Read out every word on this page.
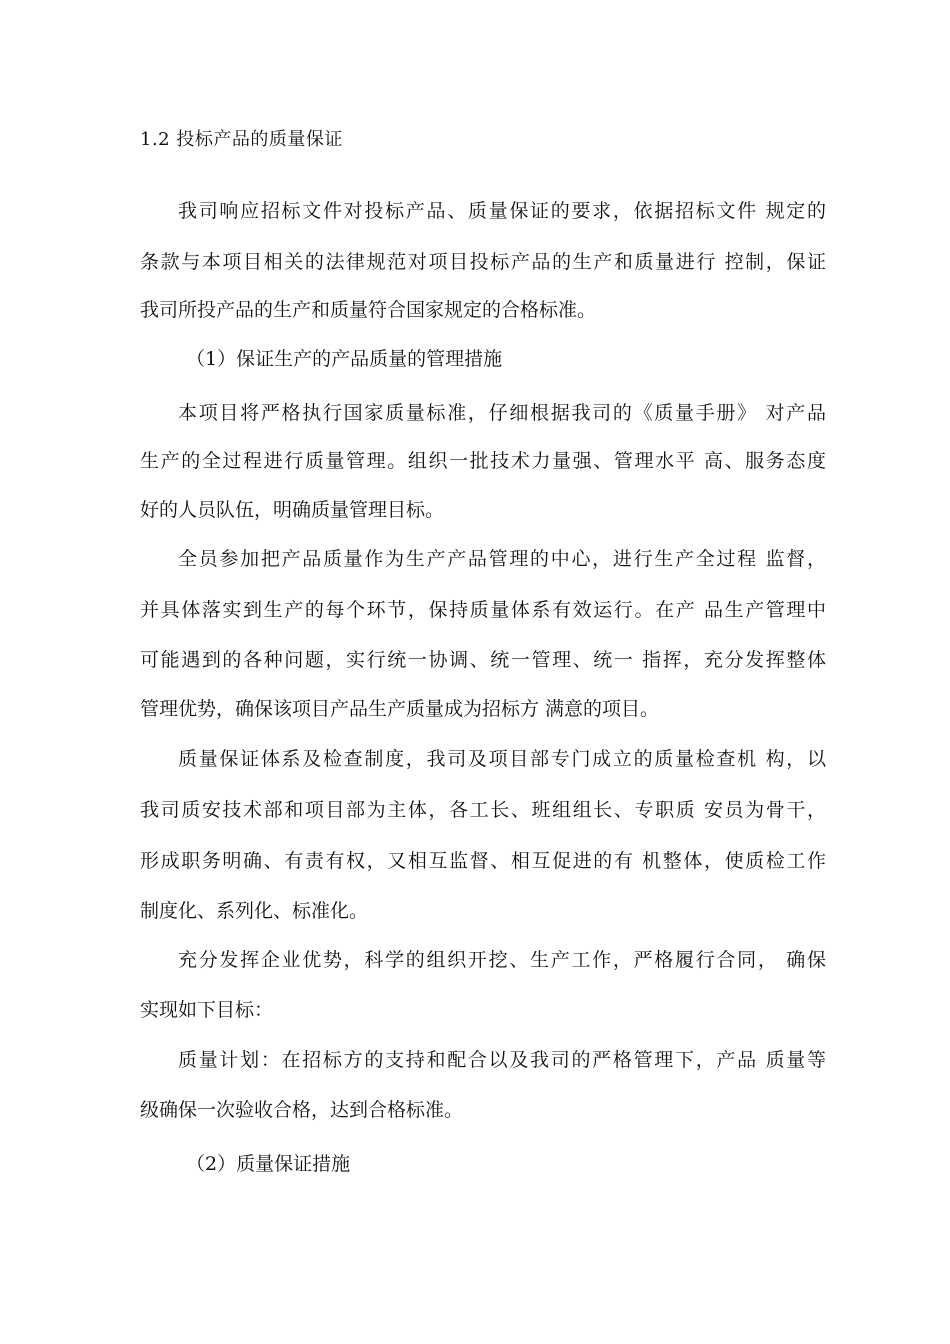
1.2 投标产品的质量保证
我司响应招标文件对投标产品、质量保证的要求，依据招标文件 规定的
条款与本项目相关的法律规范对项目投标产品的生产和质量进行 控制，保证
我司所投产品的生产和质量符合国家规定的合格标准。
（1）保证生产的产品质量的管理措施
本项目将严格执行国家质量标准，仔细根据我司的《质量手册》 对产品
生产的全过程进行质量管理。组织一批技术力量强、管理水平 高、服务态度
好的人员队伍，明确质量管理目标。
全员参加把产品质量作为生产产品管理的中心，进行生产全过程 监督，
并具体落实到生产的每个环节，保持质量体系有效运行。在产 品生产管理中
可能遇到的各种问题，实行统一协调、统一管理、统一 指挥，充分发挥整体
管理优势，确保该项目产品生产质量成为招标方 满意的项目。
质量保证体系及检查制度，我司及项目部专门成立的质量检查机 构，以
我司质安技术部和项目部为主体，各工长、班组组长、专职质 安员为骨干，
形成职务明确、有责有权，又相互监督、相互促进的有 机整体，使质检工作
制度化、系列化、标准化。
充分发挥企业优势，科学的组织开挖、生产工作，严格履行合同， 确保
实现如下目标：
质量计划：在招标方的支持和配合以及我司的严格管理下，产品 质量等
级确保一次验收合格，达到合格标准。
（2）质量保证措施
